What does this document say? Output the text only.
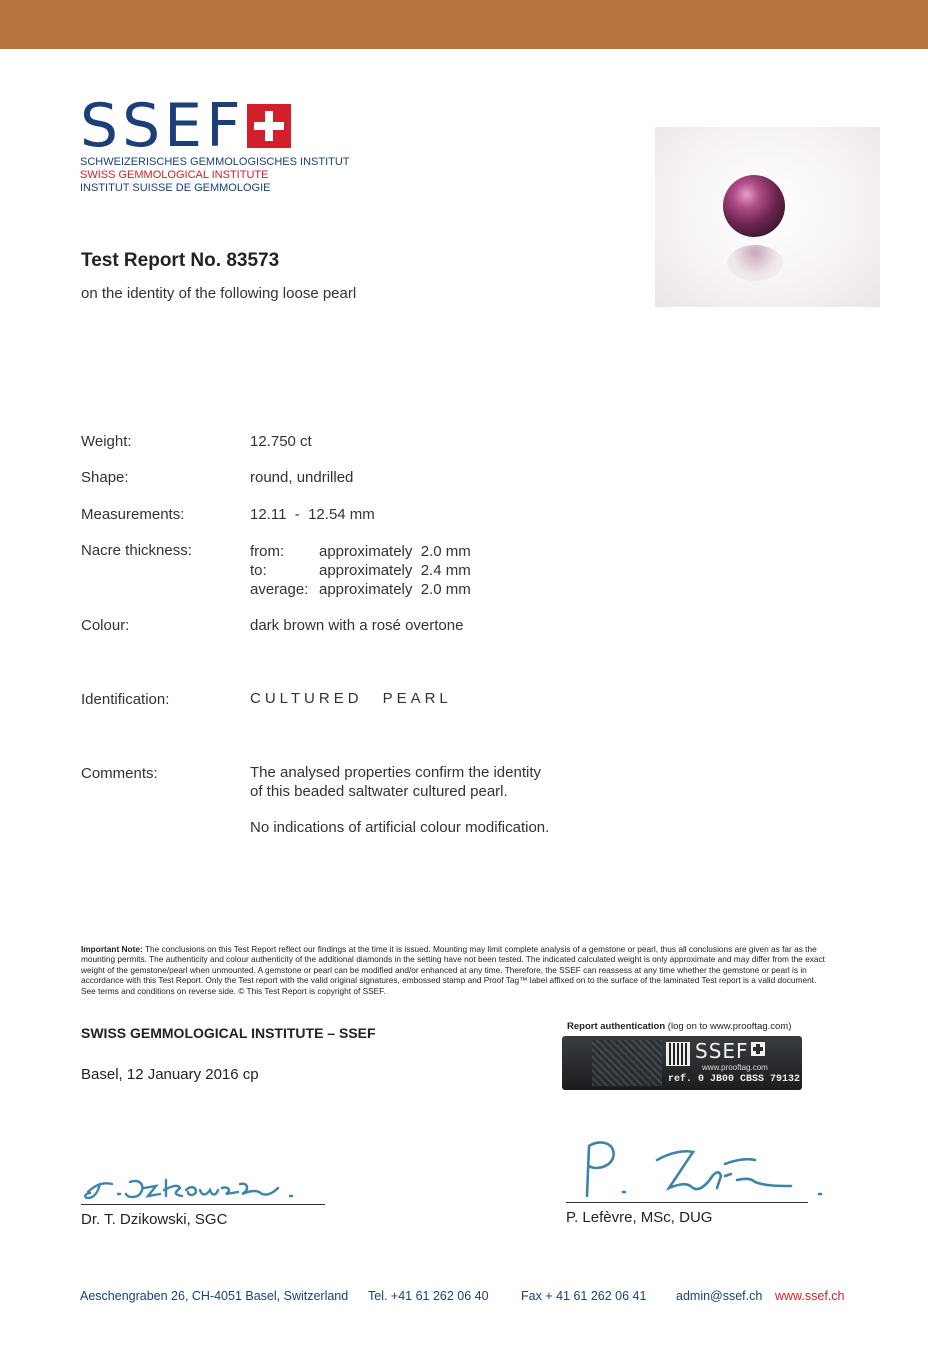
SSEF
SCHWEIZERISCHES GEMMOLOGISCHES INSTITUT
SWISS GEMMOLOGICAL INSTITUTE
INSTITUT SUISSE DE GEMMOLOGIE
Test Report No. 83573
on the identity of the following loose pearl
Weight:	12.750 ct
Shape:	round, undrilled
Measurements:	12.11  -  12.54 mm
Nacre thickness:	from: approximately  2.0 mm
to:	approximately  2.4 mm
average: approximately  2.0 mm
Colour:	dark brown with a rosé overtone
Identification:	CULTURED PEARL
Comments:	The analysed properties confirm the identity
of this beaded saltwater cultured pearl.
No indications of artificial colour modification.
Important Note: The conclusions on this Test Report reflect our findings at the time it is issued. Mounting may limit complete analysis of a gemstone or pearl, thus all conclusions are given as far as the mounting permits. The authenticity and colour authenticity of the additional diamonds in the setting have not been tested. The indicated calculated weight is only approximate and may differ from the exact weight of the gemstone/pearl when unmounted. A gemstone or pearl can be modified and/or enhanced at any time. Therefore, the SSEF can reassess at any time whether the gemstone or pearl is in accordance with this Test Report. Only the Test report with the valid original signatures, embossed stamp and Proof Tag™ label affixed on to the surface of the laminated Test report is a valid document. See terms and conditions on reverse side. © This Test Report is copyright of SSEF.
SWISS GEMMOLOGICAL INSTITUTE – SSEF
Basel, 12 January 2016 cp
Report authentication (log on to www.prooftag.com)
SSEF
www.prooftag.com
ref. 0 JB00 CBSS 79132
Dr. T. Dzikowski, SGC	P. Lefèvre, MSc, DUG
Aeschengraben 26, CH-4051 Basel, Switzerland Tel. +41 61 262 06 40	Fax + 41 61 262 06 41 admin@ssef.ch www.ssef.ch
